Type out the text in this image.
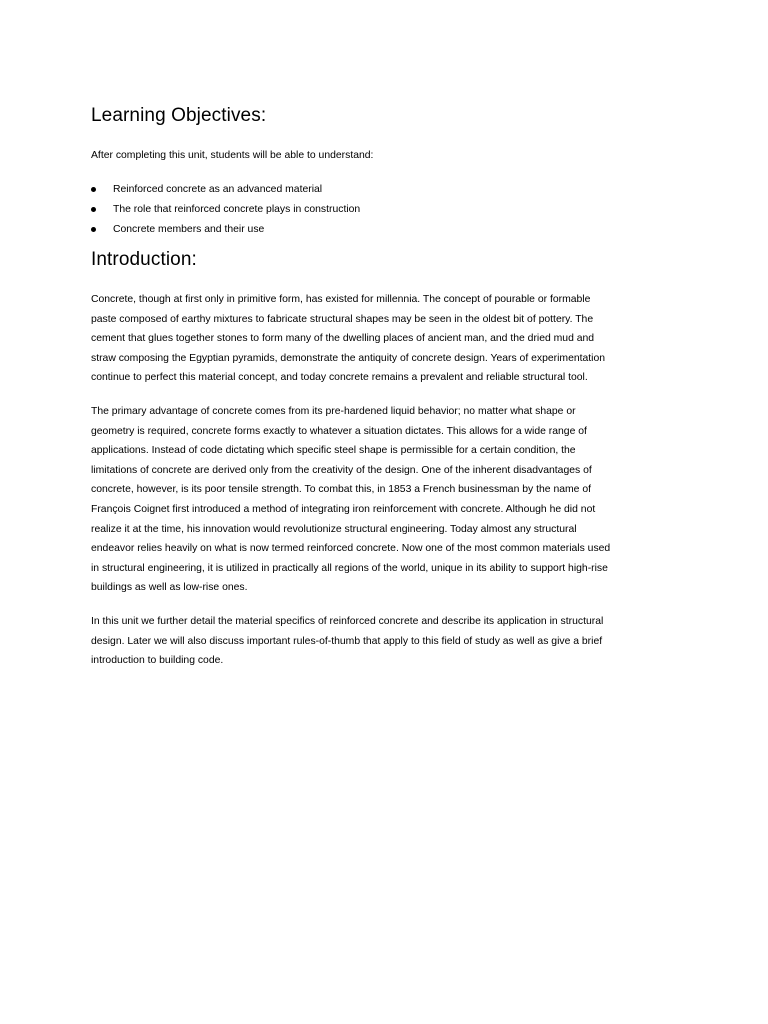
Learning Objectives:

After completing this unit, students will be able to understand:

Reinforced concrete as an advanced material
The role that reinforced concrete plays in construction
Concrete members and their use
Introduction:

Concrete, though at first only in primitive form, has existed for millennia. The concept of pourable or formable
paste composed of earthy mixtures to fabricate structural shapes may be seen in the oldest bit of pottery. The
cement that glues together stones to form many of the dwelling places of ancient man, and the dried mud and
straw composing the Egyptian pyramids, demonstrate the antiquity of concrete design. Years of experimentation
continue to perfect this material concept, and today concrete remains a prevalent and reliable structural tool.

The primary advantage of concrete comes from its pre-hardened liquid behavior; no matter what shape or
geometry is required, concrete forms exactly to whatever a situation dictates. This allows for a wide range of
applications. Instead of code dictating which specific steel shape is permissible for a certain condition, the
limitations of concrete are derived only from the creativity of the design. One of the inherent disadvantages of
concrete, however, is its poor tensile strength. To combat this, in 1853 a French businessman by the name of
François Coignet first introduced a method of integrating iron reinforcement with concrete. Although he did not
realize it at the time, his innovation would revolutionize structural engineering. Today almost any structural
endeavor relies heavily on what is now termed reinforced concrete. Now one of the most common materials used
in structural engineering, it is utilized in practically all regions of the world, unique in its ability to support high-rise
buildings as well as low-rise ones.

In this unit we further detail the material specifics of reinforced concrete and describe its application in structural
design. Later we will also discuss important rules-of-thumb that apply to this field of study as well as give a brief
introduction to building code.
